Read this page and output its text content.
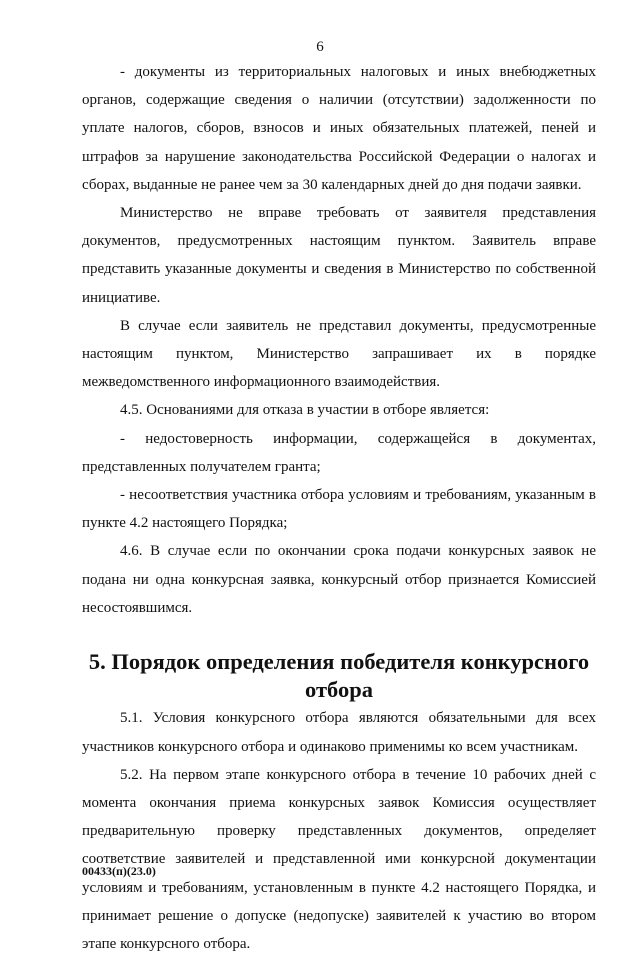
6

- документы из территориальных налоговых и иных внебюджетных органов, содержащие сведения о наличии (отсутствии) задолженности по уплате налогов, сборов, взносов и иных обязательных платежей, пеней и штрафов за нарушение законодательства Российской Федерации о налогах и сборах, выданные не ранее чем за 30 календарных дней до дня подачи заявки.

Министерство не вправе требовать от заявителя представления документов, предусмотренных настоящим пунктом. Заявитель вправе представить указанные документы и сведения в Министерство по собственной инициативе.

В случае если заявитель не представил документы, предусмотренные настоящим пунктом, Министерство запрашивает их в порядке межведомственного информационного взаимодействия.

4.5. Основаниями для отказа в участии в отборе является:

- недостоверность информации, содержащейся в документах, представленных получателем гранта;

- несоответствия участника отбора условиям и требованиям, указанным в пункте 4.2 настоящего Порядка;

4.6. В случае если по окончании срока подачи конкурсных заявок не подана ни одна конкурсная заявка, конкурсный отбор признается Комиссией несостоявшимся.

5. Порядок определения победителя конкурсного отбора

5.1. Условия конкурсного отбора являются обязательными для всех участников конкурсного отбора и одинаково применимы ко всем участникам.

5.2. На первом этапе конкурсного отбора в течение 10 рабочих дней с момента окончания приема конкурсных заявок Комиссия осуществляет предварительную проверку представленных документов, определяет соответствие заявителей и представленной ими конкурсной документации условиям и требованиям, установленным в пункте 4.2 настоящего Порядка, и принимает решение о допуске (недопуске) заявителей к участию во втором этапе конкурсного отбора.

00433(п)(23.0)
